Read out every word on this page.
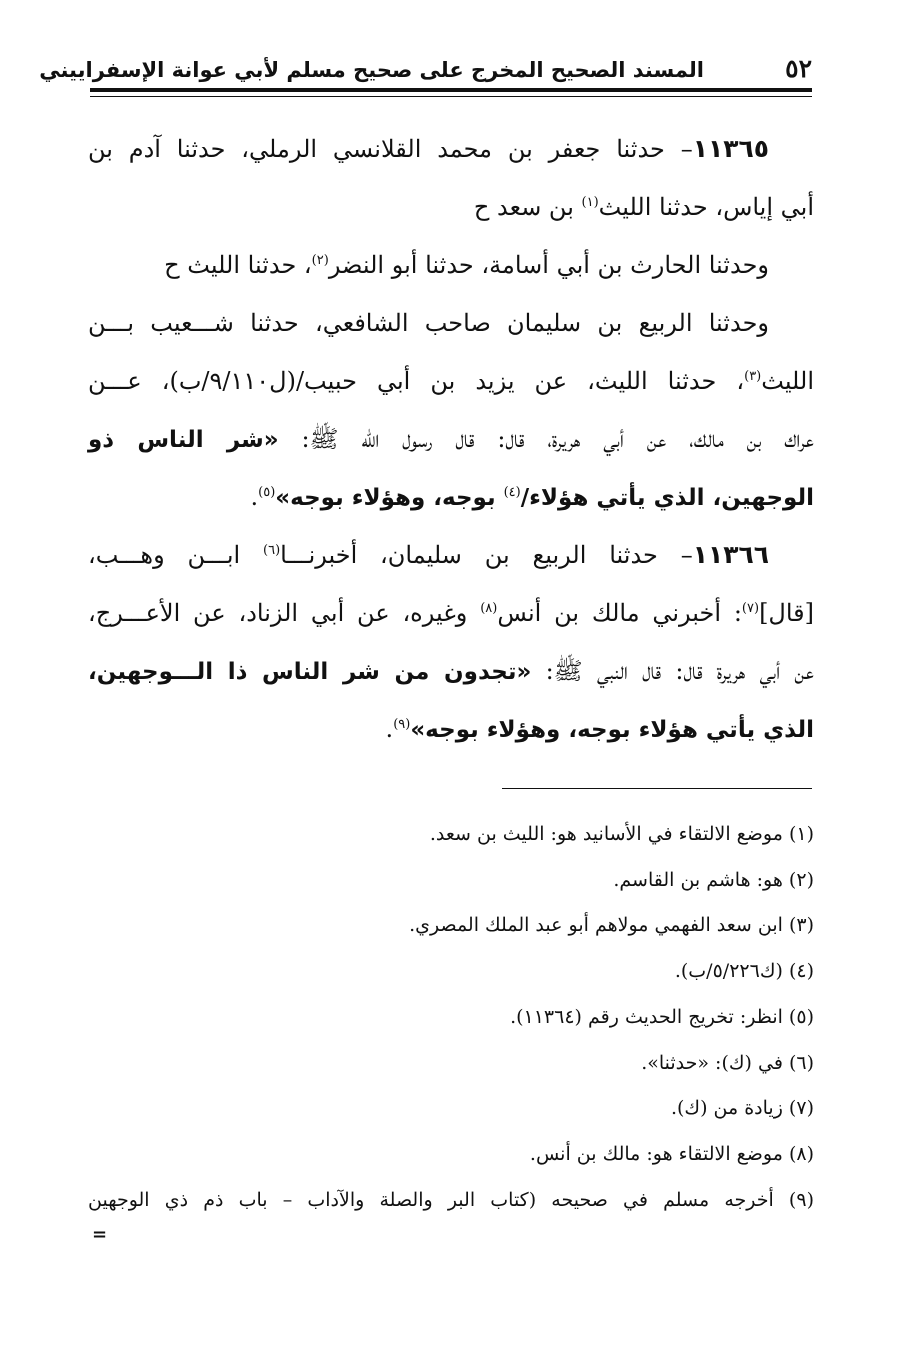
٥٢
المسند الصحيح المخرج على صحيح مسلم لأبي عوانة الإسفراييني
١١٣٦٥– حدثنا جعفر بن محمد القلانسي الرملي، حدثنا آدم بن
أبي إياس، حدثنا الليث$^{(١)}$ بن سعد ح
وحدثنا الحارث بن أبي أسامة، حدثنا أبو النضر$^{(٢)}$، حدثنا الليث ح
وحدثنا الربيع بن سليمان صاحب الشافعي، حدثنا شـــعيب بـــن
الليث$^{(٣)}$، حدثنا الليث، عن يزيد بن أبي حبيب/(ل٩/١١٠/ب)، عـــن
عراك بن مالك، عن أبي هريرة، قال: قال رسول الله ﷺ: «شر الناس ذو
الوجهين، الذي يأتي هؤلاء/$^{(٤)}$ بوجه، وهؤلاء بوجه»$^{(٥)}$.
١١٣٦٦– حدثنا الربيع بن سليمان، أخبرنـــا$^{(٦)}$ ابـــن وهـــب،
[قال]$^{(٧)}$: أخبرني مالك بن أنس$^{(٨)}$ وغيره، عن أبي الزناد، عن الأعـــرج،
عن أبي هريرة قال: قال النبي ﷺ: «تجدون من شر الناس ذا الـــوجهين،
الذي يأتي هؤلاء بوجه، وهؤلاء بوجه»$^{(٩)}$.
(١) موضع الالتقاء في الأسانيد هو: الليث بن سعد.
(٢) هو: هاشم بن القاسم.
(٣) ابن سعد الفهمي مولاهم أبو عبد الملك المصري.
(٤) (ك٥/٢٢٦/ب).
(٥) انظر: تخريج الحديث رقم (١١٣٦٤).
(٦) في (ك): «حدثنا».
(٧) زيادة من (ك).
(٨) موضع الالتقاء هو: مالك بن أنس.
(٩) أخرجه مسلم في صحيحه (كتاب البر والصلة والآداب – باب ذم ذي الوجهين
=
